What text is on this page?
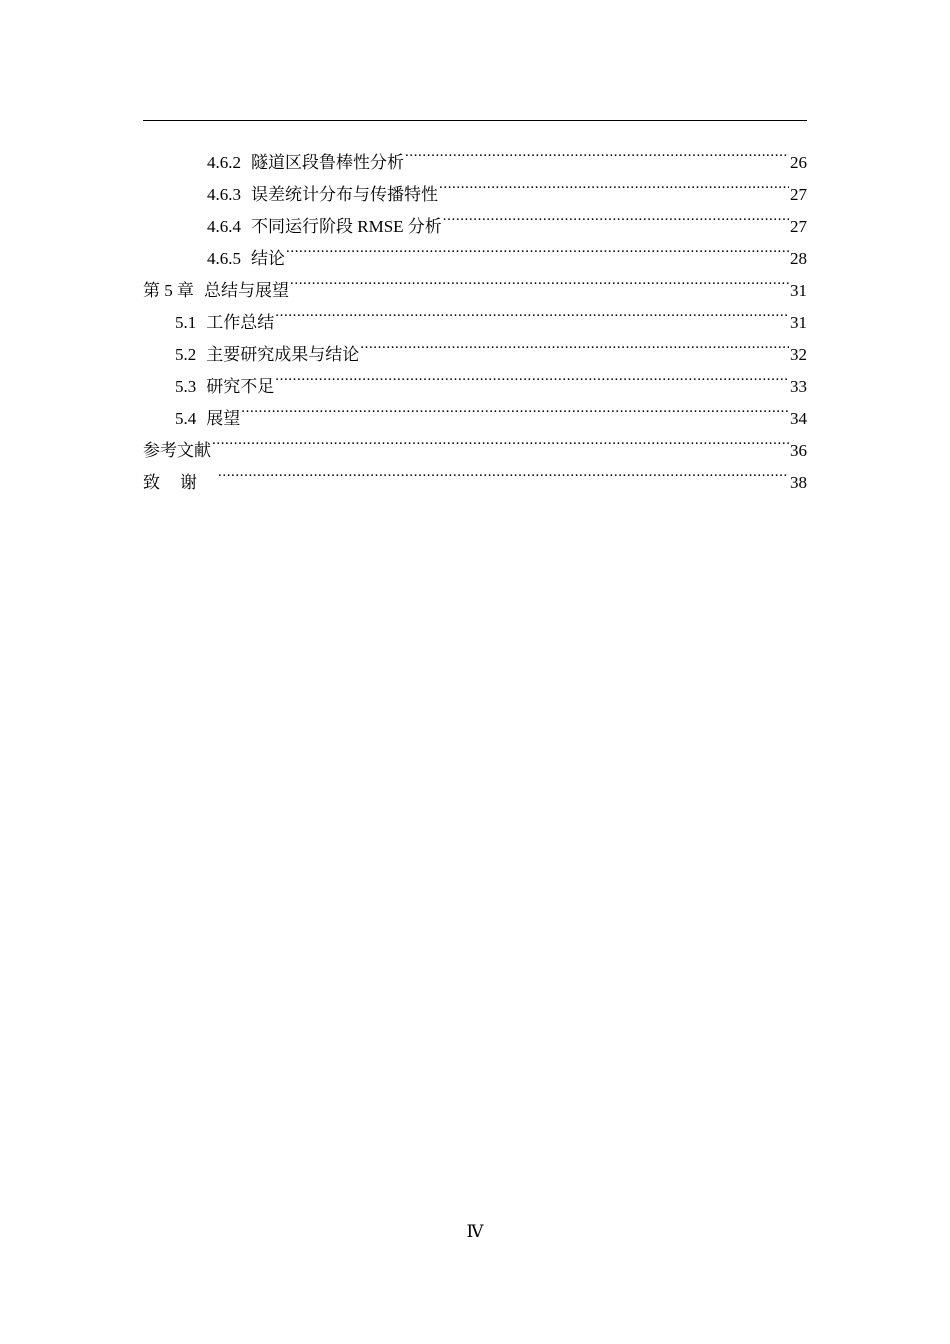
4.6.2 隧道区段鲁棒性分析 .....	26
4.6.3 误差统计分布与传播特性 .....	27
4.6.4 不同运行阶段 RMSE 分析 .....	27
4.6.5 结论 .....	28
第 5 章 总结与展望 .....	31
5.1 工作总结 .....	31
5.2 主要研究成果与结论 .....	32
5.3 研究不足 .....	33
5.4 展望 .....	34
参考文献 .....	36
致谢 .....	38
Ⅳ
